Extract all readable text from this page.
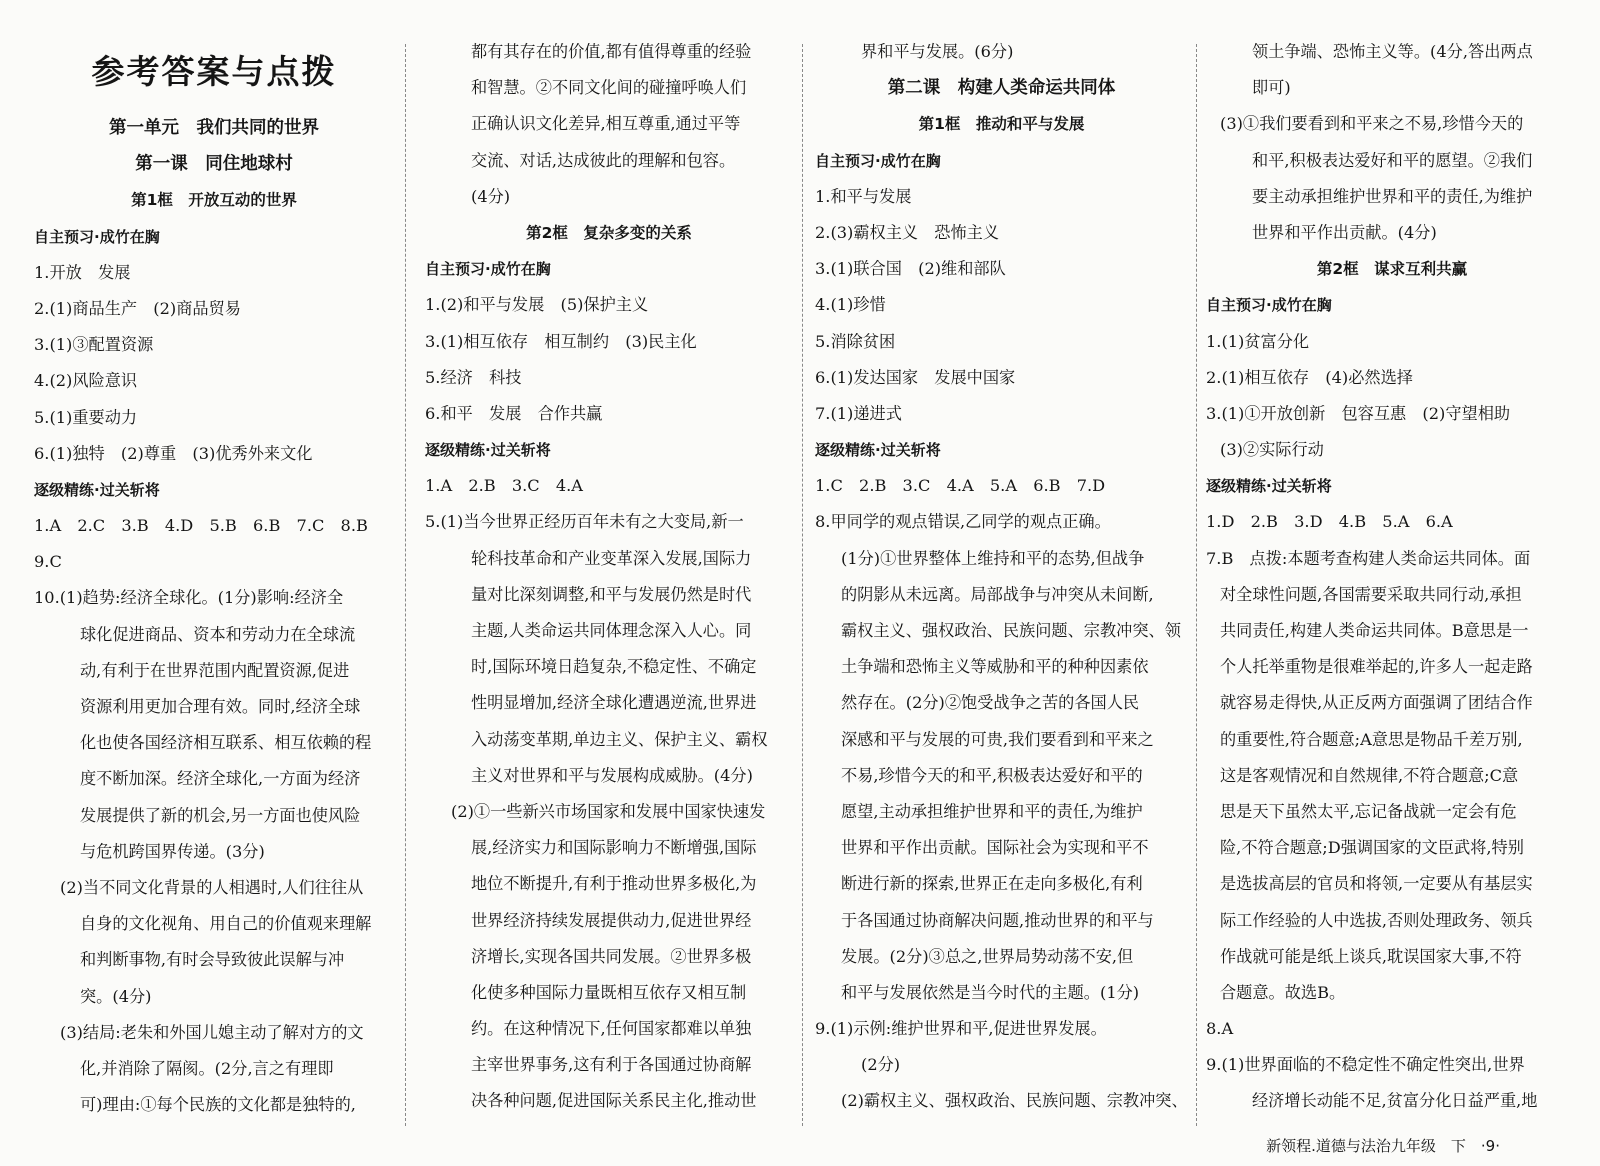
参考答案与点拨
第一单元　我们共同的世界
第一课　同住地球村
第1框　开放互动的世界
自主预习·成竹在胸
1.开放　发展
2.(1)商品生产　(2)商品贸易
3.(1)③配置资源
4.(2)风险意识
5.(1)重要动力
6.(1)独特　(2)尊重　(3)优秀外来文化
逐级精练·过关斩将
1.A　2.C　3.B　4.D　5.B　6.B　7.C　8.B
9.C
10.(1)趋势:经济全球化。(1分)影响:经济全
球化促进商品、资本和劳动力在全球流
动,有利于在世界范围内配置资源,促进
资源利用更加合理有效。同时,经济全球
化也使各国经济相互联系、相互依赖的程
度不断加深。经济全球化,一方面为经济
发展提供了新的机会,另一方面也使风险
与危机跨国界传递。(3分)
(2)当不同文化背景的人相遇时,人们往往从
自身的文化视角、用自己的价值观来理解
和判断事物,有时会导致彼此误解与冲
突。(4分)
(3)结局:老朱和外国儿媳主动了解对方的文
化,并消除了隔阂。(2分,言之有理即
可)理由:①每个民族的文化都是独特的,
都有其存在的价值,都有值得尊重的经验
和智慧。②不同文化间的碰撞呼唤人们
正确认识文化差异,相互尊重,通过平等
交流、对话,达成彼此的理解和包容。
(4分)
第2框　复杂多变的关系
自主预习·成竹在胸
1.(2)和平与发展　(5)保护主义
3.(1)相互依存　相互制约　(3)民主化
5.经济　科技
6.和平　发展　合作共赢
逐级精练·过关斩将
1.A　2.B　3.C　4.A
5.(1)当今世界正经历百年未有之大变局,新一
轮科技革命和产业变革深入发展,国际力
量对比深刻调整,和平与发展仍然是时代
主题,人类命运共同体理念深入人心。同
时,国际环境日趋复杂,不稳定性、不确定
性明显增加,经济全球化遭遇逆流,世界进
入动荡变革期,单边主义、保护主义、霸权
主义对世界和平与发展构成威胁。(4分)
(2)①一些新兴市场国家和发展中国家快速发
展,经济实力和国际影响力不断增强,国际
地位不断提升,有利于推动世界多极化,为
世界经济持续发展提供动力,促进世界经
济增长,实现各国共同发展。②世界多极
化使多种国际力量既相互依存又相互制
约。在这种情况下,任何国家都难以单独
主宰世界事务,这有利于各国通过协商解
决各种问题,促进国际关系民主化,推动世
界和平与发展。(6分)
第二课　构建人类命运共同体
第1框　推动和平与发展
自主预习·成竹在胸
1.和平与发展
2.(3)霸权主义　恐怖主义
3.(1)联合国　(2)维和部队
4.(1)珍惜
5.消除贫困
6.(1)发达国家　发展中国家
7.(1)递进式
逐级精练·过关斩将
1.C　2.B　3.C　4.A　5.A　6.B　7.D
8.甲同学的观点错误,乙同学的观点正确。
(1分)①世界整体上维持和平的态势,但战争
的阴影从未远离。局部战争与冲突从未间断,
霸权主义、强权政治、民族问题、宗教冲突、领
土争端和恐怖主义等威胁和平的种种因素依
然存在。(2分)②饱受战争之苦的各国人民
深感和平与发展的可贵,我们要看到和平来之
不易,珍惜今天的和平,积极表达爱好和平的
愿望,主动承担维护世界和平的责任,为维护
世界和平作出贡献。国际社会为实现和平不
断进行新的探索,世界正在走向多极化,有利
于各国通过协商解决问题,推动世界的和平与
发展。(2分)③总之,世界局势动荡不安,但
和平与发展依然是当今时代的主题。(1分)
9.(1)示例:维护世界和平,促进世界发展。
(2分)
(2)霸权主义、强权政治、民族问题、宗教冲突、
领土争端、恐怖主义等。(4分,答出两点
即可)
(3)①我们要看到和平来之不易,珍惜今天的
和平,积极表达爱好和平的愿望。②我们
要主动承担维护世界和平的责任,为维护
世界和平作出贡献。(4分)
第2框　谋求互利共赢
自主预习·成竹在胸
1.(1)贫富分化
2.(1)相互依存　(4)必然选择
3.(1)①开放创新　包容互惠　(2)守望相助
(3)②实际行动
逐级精练·过关斩将
1.D　2.B　3.D　4.B　5.A　6.A
7.B　点拨:本题考查构建人类命运共同体。面
对全球性问题,各国需要采取共同行动,承担
共同责任,构建人类命运共同体。B意思是一
个人托举重物是很难举起的,许多人一起走路
就容易走得快,从正反两方面强调了团结合作
的重要性,符合题意;A意思是物品千差万别,
这是客观情况和自然规律,不符合题意;C意
思是天下虽然太平,忘记备战就一定会有危
险,不符合题意;D强调国家的文臣武将,特别
是选拔高层的官员和将领,一定要从有基层实
际工作经验的人中选拔,否则处理政务、领兵
作战就可能是纸上谈兵,耽误国家大事,不符
合题意。故选B。
8.A
9.(1)世界面临的不稳定性不确定性突出,世界
经济增长动能不足,贫富分化日益严重,地
新领程.道德与法治九年级　下　·9·
